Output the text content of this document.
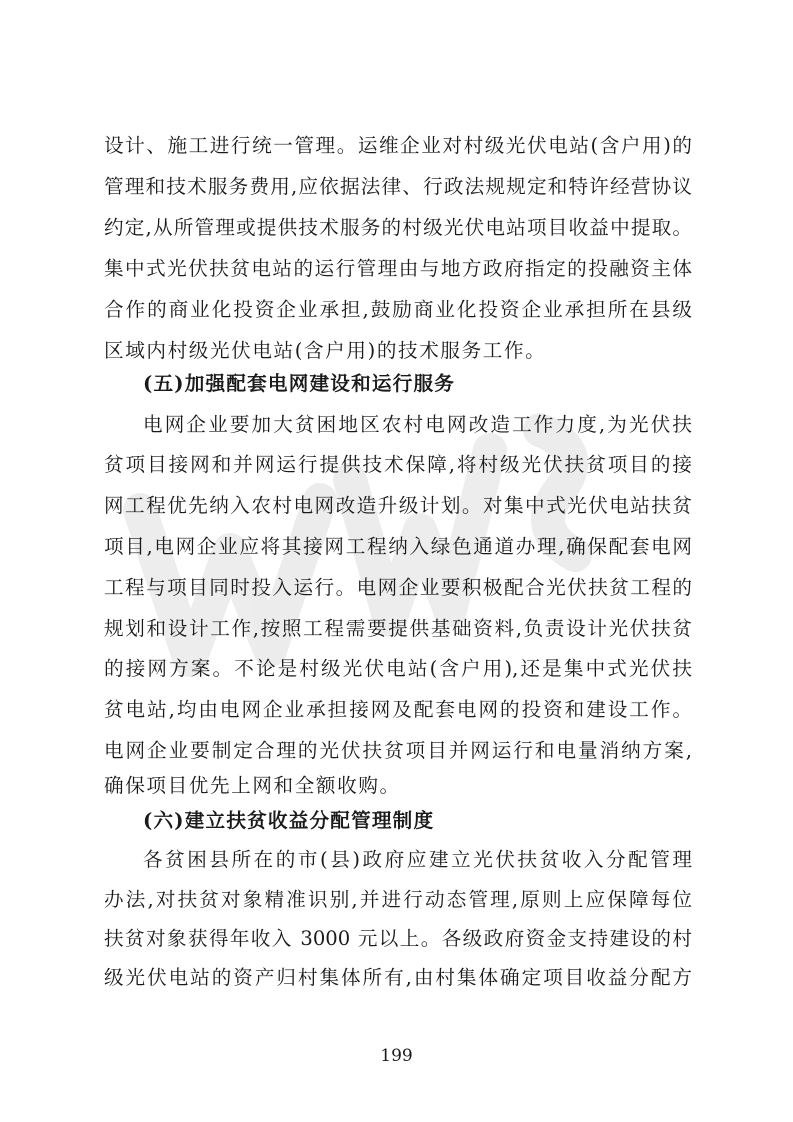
设计、施工进行统一管理。运维企业对村级光伏电站(含户用)的
管理和技术服务费用,应依据法律、行政法规规定和特许经营协议
约定,从所管理或提供技术服务的村级光伏电站项目收益中提取。
集中式光伏扶贫电站的运行管理由与地方政府指定的投融资主体
合作的商业化投资企业承担,鼓励商业化投资企业承担所在县级
区域内村级光伏电站(含户用)的技术服务工作。
(五)加强配套电网建设和运行服务
电网企业要加大贫困地区农村电网改造工作力度,为光伏扶
贫项目接网和并网运行提供技术保障,将村级光伏扶贫项目的接
网工程优先纳入农村电网改造升级计划。对集中式光伏电站扶贫
项目,电网企业应将其接网工程纳入绿色通道办理,确保配套电网
工程与项目同时投入运行。电网企业要积极配合光伏扶贫工程的
规划和设计工作,按照工程需要提供基础资料,负责设计光伏扶贫
的接网方案。不论是村级光伏电站(含户用),还是集中式光伏扶
贫电站,均由电网企业承担接网及配套电网的投资和建设工作。
电网企业要制定合理的光伏扶贫项目并网运行和电量消纳方案,
确保项目优先上网和全额收购。
(六)建立扶贫收益分配管理制度
各贫困县所在的市(县)政府应建立光伏扶贫收入分配管理
办法,对扶贫对象精准识别,并进行动态管理,原则上应保障每位
扶贫对象获得年收入 3000 元以上。各级政府资金支持建设的村
级光伏电站的资产归村集体所有,由村集体确定项目收益分配方
199
